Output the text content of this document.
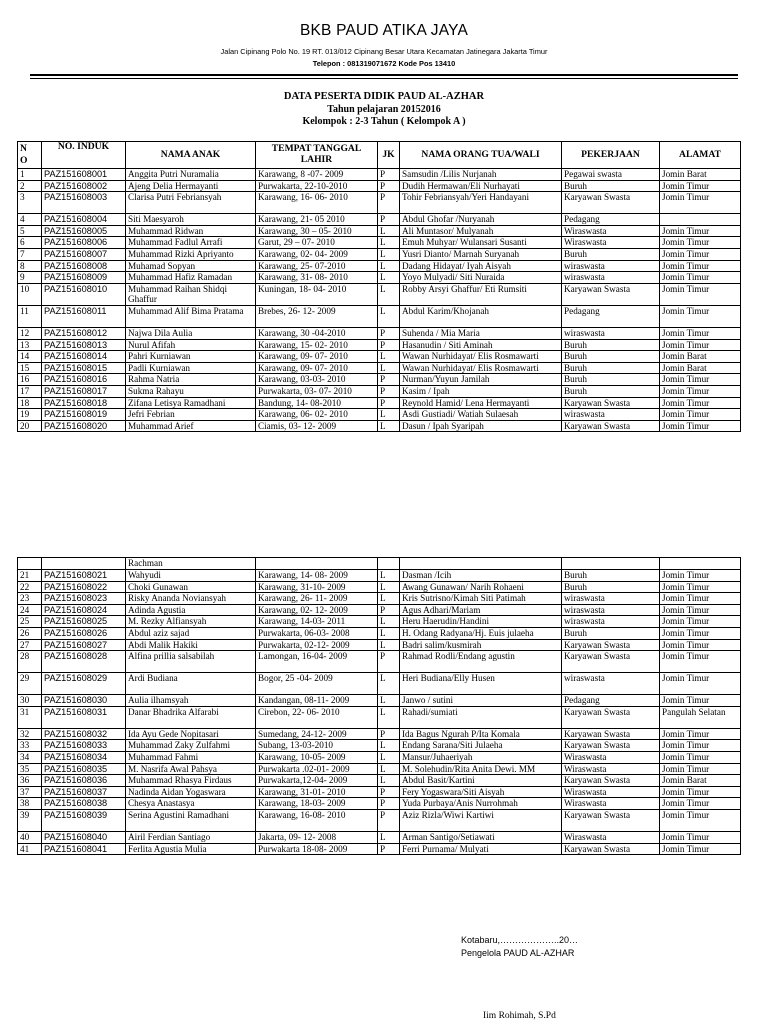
BKB PAUD ATIKA JAYA
Jalan Cipinang Polo No. 19 RT. 013/012 Cipinang Besar Utara Kecamatan Jatinegara Jakarta Timur
Telepon : 081319071672 Kode Pos 13410
DATA PESERTA DIDIK PAUD AL-AZHAR
Tahun pelajaran 20152016
Kelompok : 2-3 Tahun ( Kelompok A )
N
O	NO. INDUK	NAMA ANAK	TEMPAT TANGGAL LAHIR	JK	NAMA ORANG TUA/WALI	PEKERJAAN	ALAMAT
1	PAZ151608001	Anggita Putri Nuramalia	Karawang, 8 -07- 2009	P	Samsudin /Lilis Nurjanah	Pegawai swasta	Jomin Barat
2	PAZ151608002	Ajeng Delia Hermayanti	Purwakarta, 22-10-2010	P	Dudih Hermawan/Eli Nurhayati	Buruh	Jomin Timur
3	PAZ151608003	Clarisa Putri Febriansyah	Karawang, 16- 06- 2010	P	Tohir Febriansyah/Yeri Handayani	Karyawan Swasta	Jomin Timur
4	PAZ151608004	Siti Maesyaroh	Karawang, 21- 05 2010	P	Abdul Ghofar /Nuryanah	Pedagang	
5	PAZ151608005	Muhammad Ridwan	Karawang, 30 – 05- 2010	L	Ali Muntasor/ Mulyanah	Wiraswasta	Jomin Timur
6	PAZ151608006	Muhammad Fadlul Arrafi	Garut, 29 – 07- 2010	L	Emuh Muhyar/ Wulansari Susanti	Wiraswasta	Jomin Timur
7	PAZ151608007	Muhammad Rizki Apriyanto	Karawang, 02- 04- 2009	L	Yusri Dianto/ Marnah Suryanah	Buruh	Jomin Timur
8	PAZ151608008	Muhamad Sopyan	Karawang, 25- 07-2010	L	Dadang Hidayat/ Iyah Aisyah	wiraswasta	Jomin Timur
9	PAZ151608009	Muhammad Hafiz Ramadan	Karawang, 31- 08- 2010	L	Yoyo Mulyadi/ Siti Nuraida	wiraswasta	Jomin Timur
10	PAZ151608010	Muhammad Raihan Shidqi Ghaffur	Kuningan, 18- 04- 2010	L	Robby Arsyi Ghaffur/ Eti Rumsiti	Karyawan Swasta	Jomin Timur
11	PAZ151608011	Muhammad Alif Bima Pratama	Brebes, 26- 12- 2009	L	Abdul Karim/Khojanah	Pedagang	Jomin Timur
12	PAZ151608012	Najwa Dila Aulia	Karawang, 30 -04-2010	P	Suhenda / Mia Maria	wiraswasta	Jomin Timur
13	PAZ151608013	Nurul Afifah	Karawang, 15- 02- 2010	P	Hasanudin / Siti Aminah	Buruh	Jomin Timur
14	PAZ151608014	Pahri Kurniawan	Karawang, 09- 07- 2010	L	Wawan Nurhidayat/ Elis Rosmawarti	Buruh	Jomin Barat
15	PAZ151608015	Padli Kurniawan	Karawang, 09- 07- 2010	L	Wawan Nurhidayat/ Elis Rosmawarti	Buruh	Jomin Barat
16	PAZ151608016	Rahma Natria	Karawang, 03-03- 2010	P	Nurman/Yuyun Jamilah	Buruh	Jomin Timur
17	PAZ151608017	Sukma Rahayu	Purwakarta, 03- 07- 2010	P	Kasim / Ipah	Buruh	Jomin Timur
18	PAZ151608018	Zifana Letisya Ramadhani	Bandung, 14- 08-2010	P	Reynold Hamid/ Lena Hermayanti	Karyawan Swasta	Jomin Timur
19	PAZ151608019	Jefri Febrian	Karawang, 06- 02- 2010	L	Asdi Gustiadi/ Watiah Sulaesah	wiraswasta	Jomin Timur
20	PAZ151608020	Muhammad Arief	Ciamis, 03- 12- 2009	L	Dasun / Ipah Syaripah	Karyawan Swasta	Jomin Timur
		Rachman					
21	PAZ151608021	Wahyudi	Karawang, 14- 08- 2009	L	Dasman /Icih	Buruh	Jomin Timur
22	PAZ151608022	Choki Gunawan	Karawang, 31-10- 2009	L	Awang Gunawan/ Narih Rohaeni	Buruh	Jomin Timur
23	PAZ151608023	Risky Ananda Noviansyah	Karawang, 26- 11- 2009	L	Kris Sutrisno/Kimah Siti Patimah	wiraswasta	Jomin Timur
24	PAZ151608024	Adinda Agustia	Karawang, 02- 12- 2009	P	Agus Adhari/Mariam	wiraswasta	Jomin Timur
25	PAZ151608025	M. Rezky Alfiansyah	Karawang, 14-03- 2011	L	Heru Haerudin/Handini	wiraswasta	Jomin Timur
26	PAZ151608026	Abdul aziz sajad	Purwakarta, 06-03- 2008	L	H. Odang Radyana/Hj. Euis julaeha	Buruh	Jomin Timur
27	PAZ151608027	Abdi Malik Hakiki	Purwakarta, 02-12- 2009	L	Badri salim/kusmirah	Karyawan Swasta	Jomin Timur
28	PAZ151608028	Alfina prillia salsabilah	Lamongan, 16-04- 2009	P	Rahmad Rodli/Endang agustin	Karyawan Swasta	Jomin Timur
29	PAZ151608029	Ardi Budiana	Bogor, 25 -04- 2009	L	Heri Budiana/Elly Husen	wiraswasta	Jomin Timur
30	PAZ151608030	Aulia ilhamsyah	Kandangan, 08-11- 2009	L	Janwo / sutini	Pedagang	Jomin Timur
31	PAZ151608031	Danar Bhadrika Alfarabi	Cirebon, 22- 06- 2010	L	Rahadi/sumiati	Karyawan Swasta	Pangulah Selatan
32	PAZ151608032	Ida Ayu Gede Nopitasari	Sumedang, 24-12- 2009	P	Ida Bagus Ngurah P/Ita Komala	Karyawan Swasta	Jomin Timur
33	PAZ151608033	Muhammad Zaky Zulfahmi	Subang, 13-03-2010	L	Endang Sarana/Siti Julaeha	Karyawan Swasta	Jomin Timur
34	PAZ151608034	Muhammad Fahmi	Karawang, 10-05- 2009	L	Mansur/Juhaeriyah	Wiraswasta	Jomin Timur
35	PAZ151608035	M. Nasrifa Awal Pahsya	Purwakarta .02-01- 2009	L	M. Solehudin/Rita Anita Dewi. MM	Wiraswasta	Jomin Timur
36	PAZ151608036	Muhammad Rhasya Firdaus	Purwakarta,12-04- 2009	L	Abdul Basit/Kartini	Karyawan Swasta	Jomin Barat
37	PAZ151608037	Nadinda Aidan Yogaswara	Karawang, 31-01- 2010	P	Fery Yogaswara/Siti Aisyah	Wiraswasta	Jomin Timur
38	PAZ151608038	Chesya Anastasya	Karawang, 18-03- 2009	P	Yuda Purbaya/Anis Nurrohmah	Wiraswasta	Jomin Timur
39	PAZ151608039	Serina Agustini Ramadhani	Karawang, 16-08- 2010	P	Aziz Rizla/Wiwi Kartiwi	Karyawan Swasta	Jomin Timur
40	PAZ151608040	Airil Ferdian Santiago	Jakarta, 09- 12- 2008	L	Arman Santigo/Setiawati	Wiraswasta	Jomin Timur
41	PAZ151608041	Ferlita Agustia Mulia	Purwakarta 18-08- 2009	P	Ferri Purnama/ Mulyati	Karyawan Swasta	Jomin Timur
Kotabaru,………………..20…
Pengelola PAUD AL-AZHAR
Iim Rohimah, S.Pd
